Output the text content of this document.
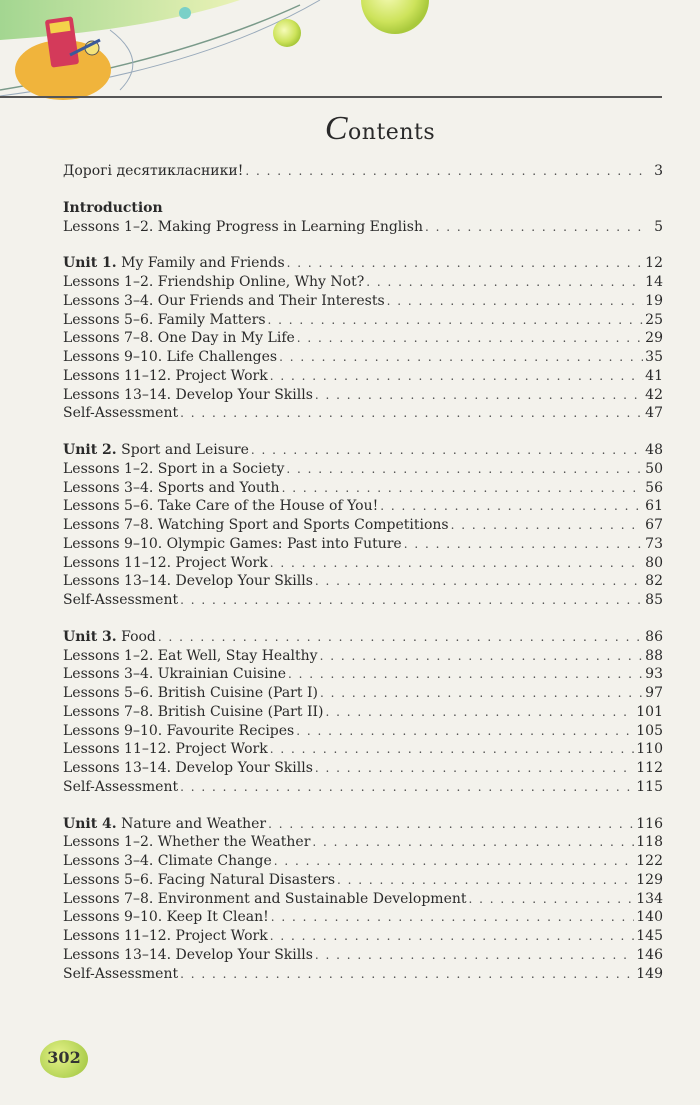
Contents
Дорогі десятикласники! . . .	3
Introduction
Lessons 1–2. Making Progress in Learning English . . .	5
Unit 1. My Family and Friends . . .	12
Lessons 1–2. Friendship Online, Why Not? . . .	14
Lessons 3–4. Our Friends and Their Interests . . .	19
Lessons 5–6. Family Matters . . .	25
Lessons 7–8. One Day in My Life . . .	29
Lessons 9–10. Life Challenges . . .	35
Lessons 11–12. Project Work . . .	41
Lessons 13–14. Develop Your Skills . . .	42
Self-Assessment . . .	47
Unit 2. Sport and Leisure . . .	48
Lessons 1–2. Sport in a Society . . .	50
Lessons 3–4. Sports and Youth . . .	56
Lessons 5–6. Take Care of the House of You! . . .	61
Lessons 7–8. Watching Sport and Sports Competitions . . .	67
Lessons 9–10. Olympic Games: Past into Future . . .	73
Lessons 11–12. Project Work . . .	80
Lessons 13–14. Develop Your Skills . . .	82
Self-Assessment . . .	85
Unit 3. Food . . .	86
Lessons 1–2. Eat Well, Stay Healthy . . .	88
Lessons 3–4. Ukrainian Cuisine . . .	93
Lessons 5–6. British Cuisine (Part I) . . .	97
Lessons 7–8. British Cuisine (Part II) . . .	101
Lessons 9–10. Favourite Recipes . . .	105
Lessons 11–12. Project Work . . .	110
Lessons 13–14. Develop Your Skills . . .	112
Self-Assessment . . .	115
Unit 4. Nature and Weather . . .	116
Lessons 1–2. Whether the Weather . . .	118
Lessons 3–4. Climate Change . . .	122
Lessons 5–6. Facing Natural Disasters . . .	129
Lessons 7–8. Environment and Sustainable Development . . .	134
Lessons 9–10. Keep It Clean! . . .	140
Lessons 11–12. Project Work . . .	145
Lessons 13–14. Develop Your Skills . . .	146
Self-Assessment . . .	149
302
